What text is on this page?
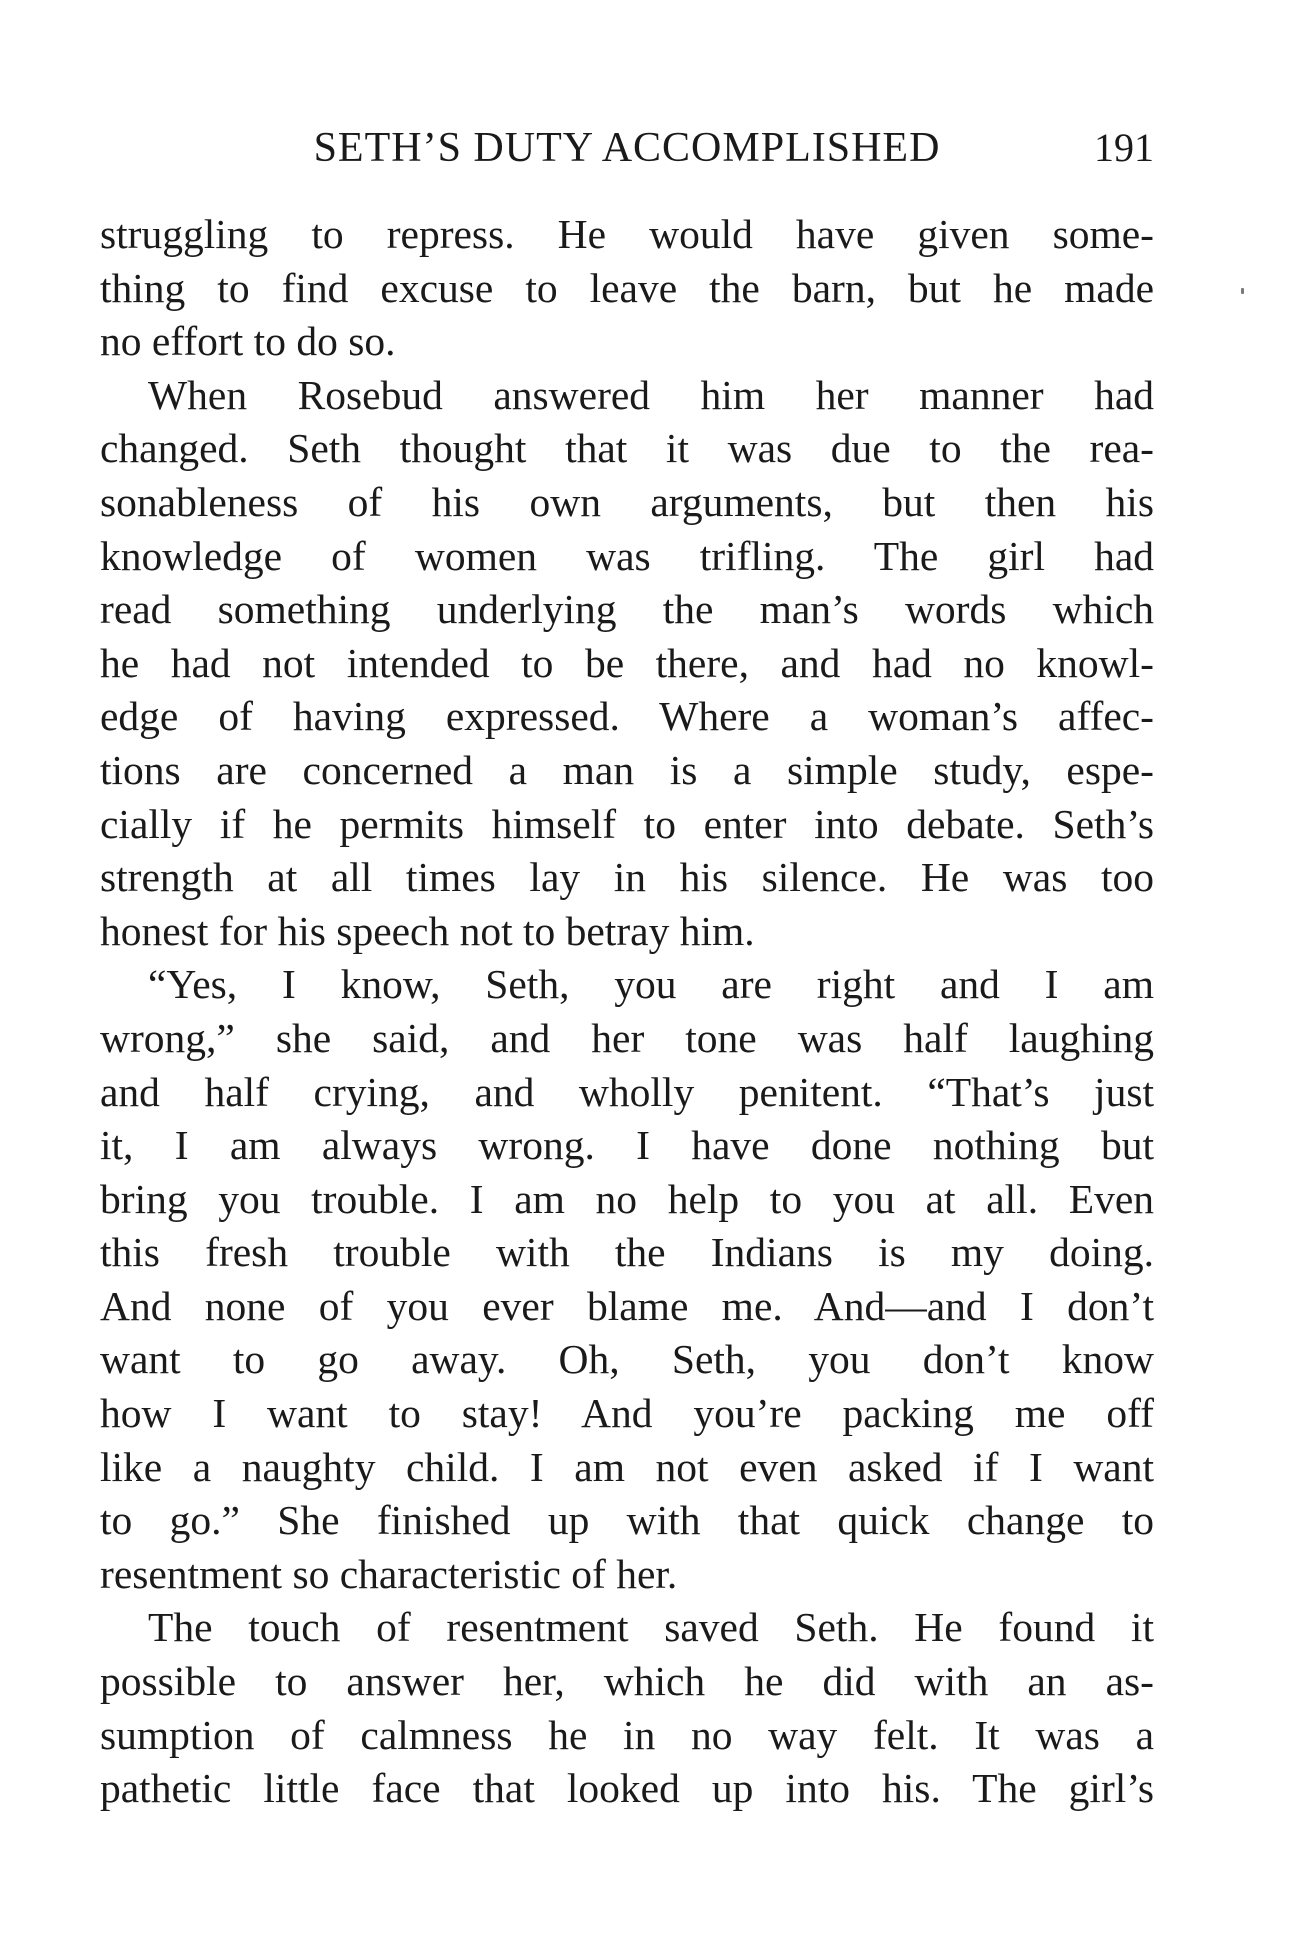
SETH’S DUTY ACCOMPLISHED	191
struggling to repress. He would have given some-
thing to find excuse to leave the barn, but he made
no effort to do so.
When Rosebud answered him her manner had
changed. Seth thought that it was due to the rea-
sonableness of his own arguments, but then his
knowledge of women was trifling. The girl had
read something underlying the man’s words which
he had not intended to be there, and had no knowl-
edge of having expressed. Where a woman’s affec-
tions are concerned a man is a simple study, espe-
cially if he permits himself to enter into debate. Seth’s
strength at all times lay in his silence. He was too
honest for his speech not to betray him.
“Yes, I know, Seth, you are right and I am
wrong,” she said, and her tone was half laughing
and half crying, and wholly penitent. “That’s just
it, I am always wrong. I have done nothing but
bring you trouble. I am no help to you at all. Even
this fresh trouble with the Indians is my doing.
And none of you ever blame me. And—and I don’t
want to go away. Oh, Seth, you don’t know
how I want to stay! And you’re packing me off
like a naughty child. I am not even asked if I want
to go.” She finished up with that quick change to
resentment so characteristic of her.
The touch of resentment saved Seth. He found it
possible to answer her, which he did with an as-
sumption of calmness he in no way felt. It was a
pathetic little face that looked up into his. The girl’s
